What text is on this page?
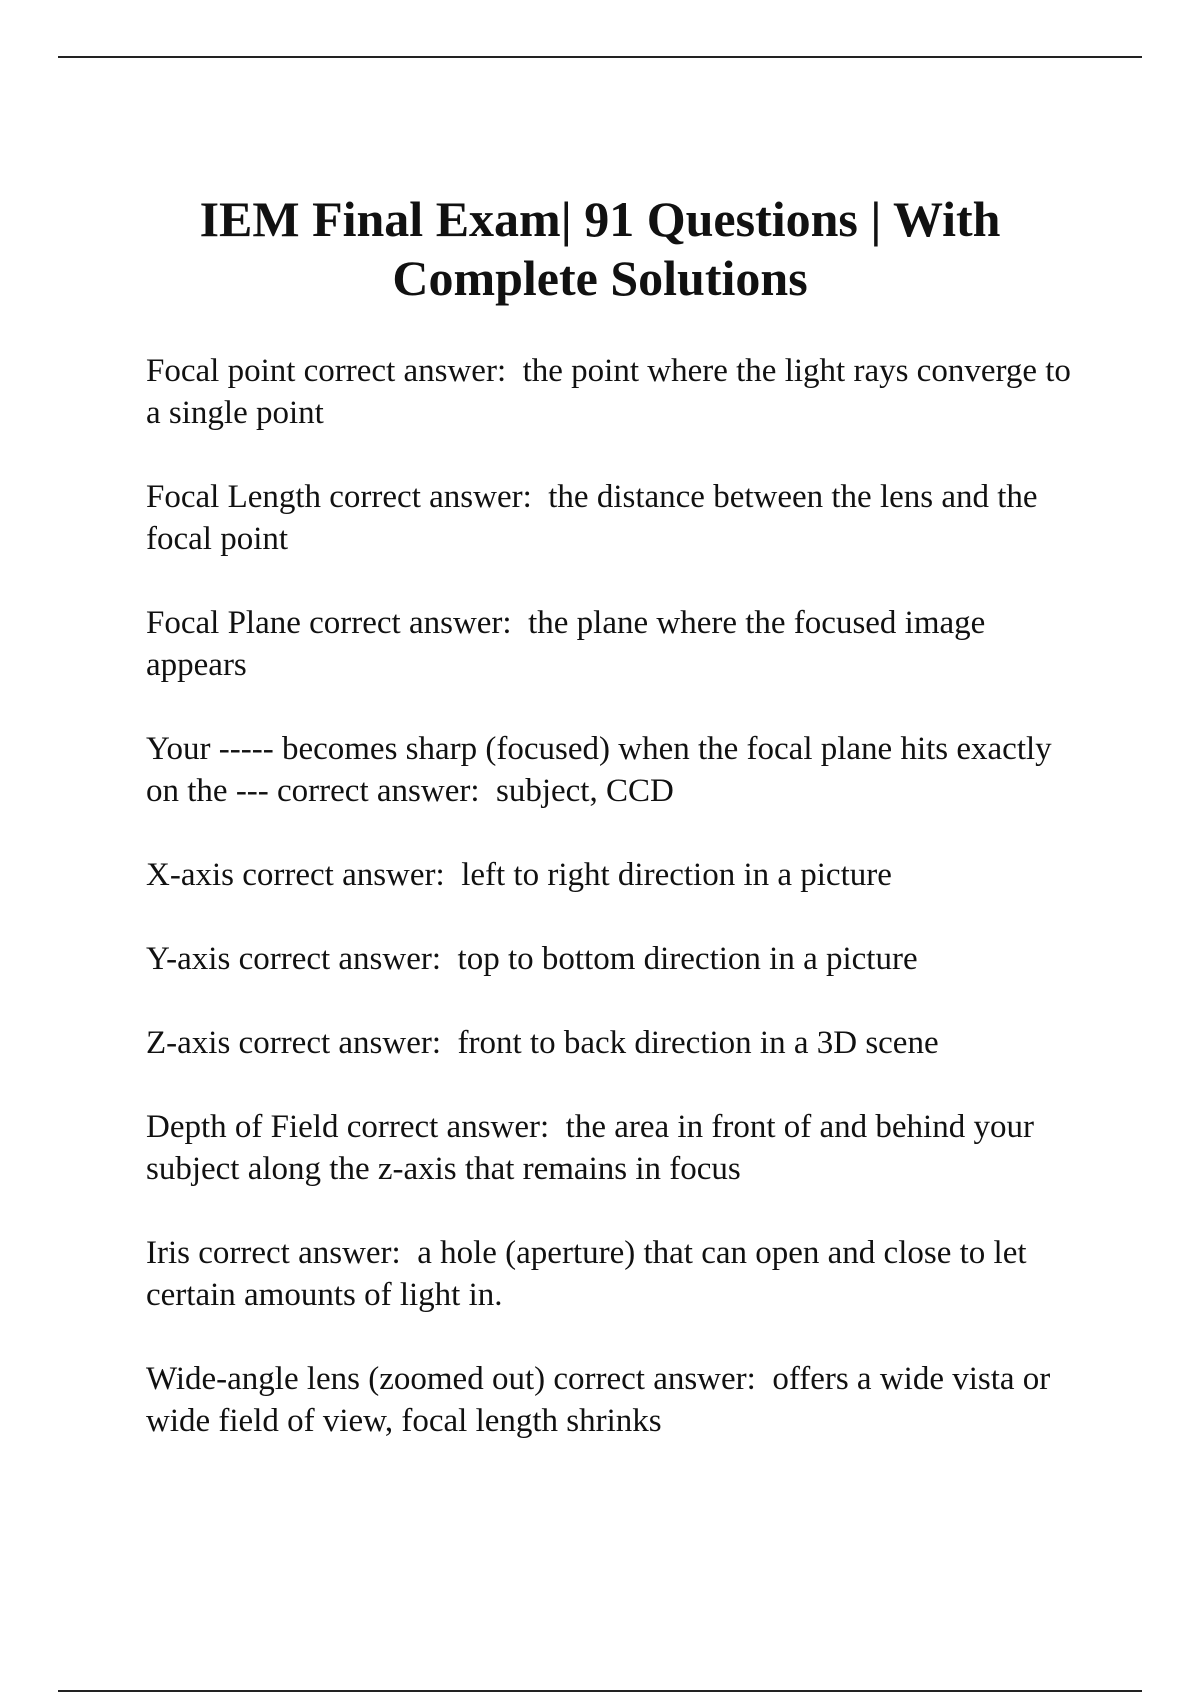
IEM Final Exam| 91 Questions | With Complete Solutions
Focal point correct answer:  the point where the light rays converge to a single point
Focal Length correct answer:  the distance between the lens and the focal point
Focal Plane correct answer:  the plane where the focused image appears
Your ----- becomes sharp (focused) when the focal plane hits exactly on the --- correct answer:  subject, CCD
X-axis correct answer:  left to right direction in a picture
Y-axis correct answer:  top to bottom direction in a picture
Z-axis correct answer:  front to back direction in a 3D scene
Depth of Field correct answer:  the area in front of and behind your subject along the z-axis that remains in focus
Iris correct answer:  a hole (aperture) that can open and close to let certain amounts of light in.
Wide-angle lens (zoomed out) correct answer:  offers a wide vista or wide field of view, focal length shrinks
